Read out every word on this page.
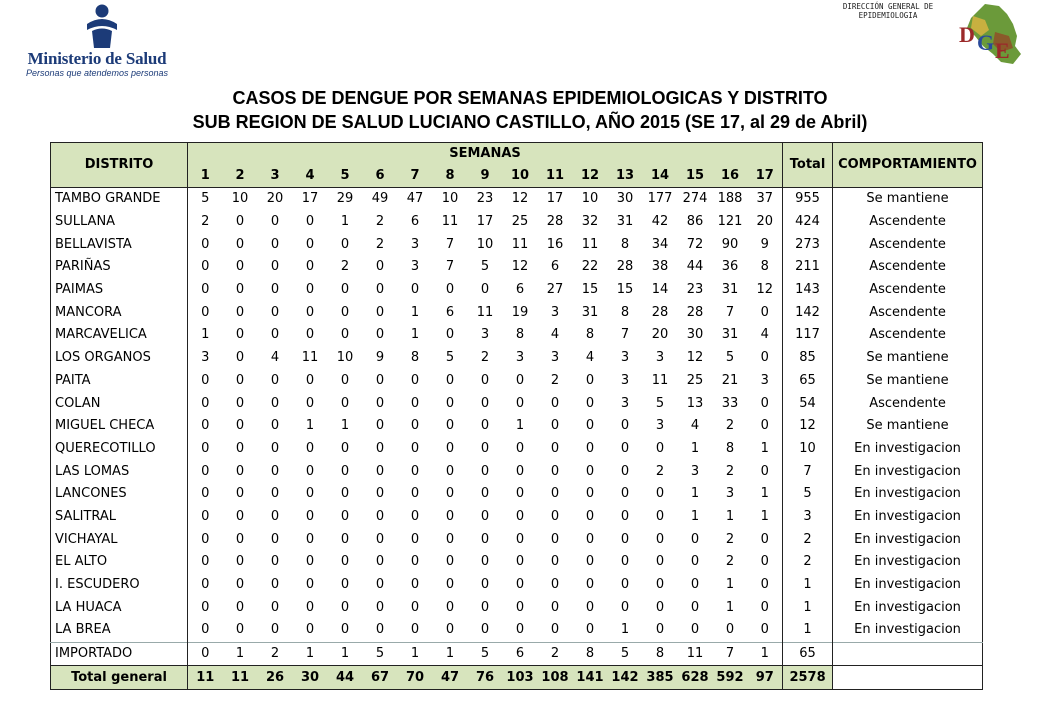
Ministerio de Salud
Personas que atendemos personas
DIRECCIÓN GENERAL DE
EPIDEMIOLOGIA
D G E
CASOS DE DENGUE POR SEMANAS EPIDEMIOLOGICAS Y DISTRITO
SUB REGION DE SALUD LUCIANO CASTILLO, AÑO 2015 (SE 17, al 29 de Abril)
DISTRITO	SEMANAS																	Total	COMPORTAMIENTO
	1	2	3	4	5	6	7	8	9	10	11	12	13	14	15	16	17		
TAMBO GRANDE	5	10	20	17	29	49	47	10	23	12	17	10	30	177	274	188	37	955	Se mantiene
SULLANA	2	0	0	0	1	2	6	11	17	25	28	32	31	42	86	121	20	424	Ascendente
BELLAVISTA	0	0	0	0	0	2	3	7	10	11	16	11	8	34	72	90	9	273	Ascendente
PARIÑAS	0	0	0	0	2	0	3	7	5	12	6	22	28	38	44	36	8	211	Ascendente
PAIMAS	0	0	0	0	0	0	0	0	0	6	27	15	15	14	23	31	12	143	Ascendente
MANCORA	0	0	0	0	0	0	1	6	11	19	3	31	8	28	28	7	0	142	Ascendente
MARCAVELICA	1	0	0	0	0	0	1	0	3	8	4	8	7	20	30	31	4	117	Ascendente
LOS ORGANOS	3	0	4	11	10	9	8	5	2	3	3	4	3	3	12	5	0	85	Se mantiene
PAITA	0	0	0	0	0	0	0	0	0	0	2	0	3	11	25	21	3	65	Se mantiene
COLAN	0	0	0	0	0	0	0	0	0	0	0	0	3	5	13	33	0	54	Ascendente
MIGUEL CHECA	0	0	0	1	1	0	0	0	0	1	0	0	0	3	4	2	0	12	Se mantiene
QUERECOTILLO	0	0	0	0	0	0	0	0	0	0	0	0	0	0	1	8	1	10	En investigacion
LAS LOMAS	0	0	0	0	0	0	0	0	0	0	0	0	0	2	3	2	0	7	En investigacion
LANCONES	0	0	0	0	0	0	0	0	0	0	0	0	0	0	1	3	1	5	En investigacion
SALITRAL	0	0	0	0	0	0	0	0	0	0	0	0	0	0	1	1	1	3	En investigacion
VICHAYAL	0	0	0	0	0	0	0	0	0	0	0	0	0	0	0	2	0	2	En investigacion
EL ALTO	0	0	0	0	0	0	0	0	0	0	0	0	0	0	0	2	0	2	En investigacion
I. ESCUDERO	0	0	0	0	0	0	0	0	0	0	0	0	0	0	0	1	0	1	En investigacion
LA HUACA	0	0	0	0	0	0	0	0	0	0	0	0	0	0	0	1	0	1	En investigacion
LA BREA	0	0	0	0	0	0	0	0	0	0	0	0	1	0	0	0	0	1	En investigacion
IMPORTADO	0	1	2	1	1	5	1	1	5	6	2	8	5	8	11	7	1	65	
Total general	11	11	26	30	44	67	70	47	76	103	108	141	142	385	628	592	97	2578	
